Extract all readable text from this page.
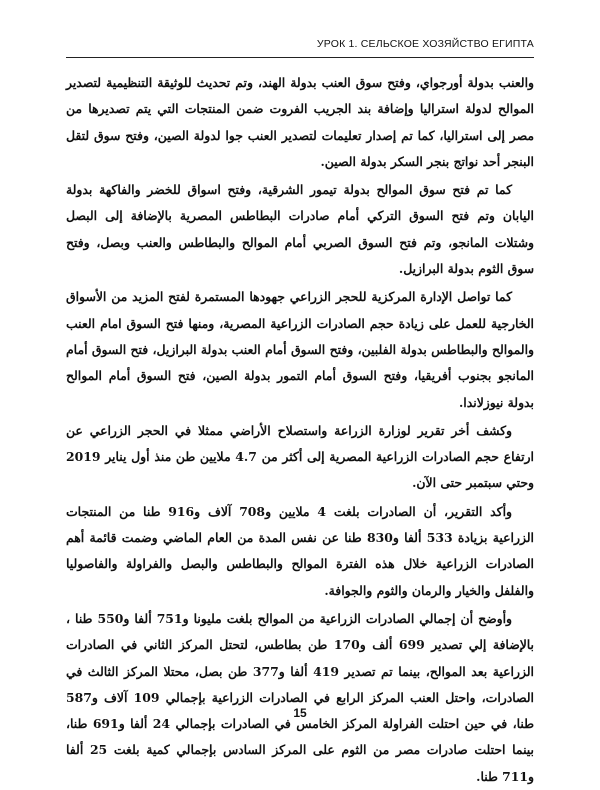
УРОК 1. СЕЛЬСКОЕ ХОЗЯЙСТВО ЕГИПТА

والعنب بدولة أورجواي، وفتح سوق العنب بدولة الهند، وتم تحديث للوثيقة التنظيمية لتصدير الموالح لدولة استراليا وإضافة بند الجريب الفروت ضمن المنتجات التي يتم تصديرها من مصر إلى استراليا، كما تم إصدار تعليمات لتصدير العنب جوا لدولة الصين، وفتح سوق لتقل البنجر أحد نواتج بنجر السكر بدولة الصين.

كما تم فتح سوق الموالح بدولة تيمور الشرقية، وفتح اسواق للخضر والفاكهة بدولة اليابان وتم فتح السوق التركي أمام صادرات البطاطس المصرية بالإضافة إلى البصل وشتلات المانجو، وتم فتح السوق الصربي أمام الموالح والبطاطس والعنب وبصل، وفتح سوق الثوم بدولة البرازيل.

كما تواصل الإدارة المركزية للحجر الزراعي جهودها المستمرة لفتح المزيد من الأسواق الخارجية للعمل على زيادة حجم الصادرات الزراعية المصرية، ومنها فتح السوق امام العنب والموالح والبطاطس بدولة الفلبين، وفتح السوق أمام العنب بدولة البرازيل، فتح السوق أمام المانجو بجنوب أفريقيا، وفتح السوق أمام التمور بدولة الصين، فتح السوق أمام الموالح بدولة نيوزلاندا.

وكشف أخر تقرير لوزارة الزراعة واستصلاح الأراضي ممثلا في الحجر الزراعي عن ارتفاع حجم الصادرات الزراعية المصرية إلى أكثر من 4.7 ملايين طن منذ أول يناير 2019 وحتي سبتمبر حتى الآن.

وأكد التقرير، أن الصادرات بلغت 4 ملايين و708 آلاف و916 طنا من المنتجات الزراعية بزيادة 533 ألفا و830 طنا عن نفس المدة من العام الماضي وضمت قائمة أهم الصادرات الزراعية خلال هذه الفترة الموالح والبطاطس والبصل والفراولة والفاصوليا والفلفل والخيار والرمان والثوم والجوافة.

وأوضح أن إجمالي الصادرات الزراعية من الموالح بلغت مليونا و751 ألفا و550 طنا ، بالإضافة إلي تصدير 699 ألف و170 طن بطاطس، لتحتل المركز الثاني في الصادرات الزراعية بعد الموالح، بينما تم تصدير 419 ألفا و377 طن بصل، محتلا المركز الثالث في الصادرات، واحتل العنب المركز الرابع في الصادرات الزراعية بإجمالي 109 آلاف و587 طنا، في حين احتلت الفراولة المركز الخامس في الصادرات بإجمالي 24 ألفا و691 طنا، بينما احتلت صادرات مصر من الثوم على المركز السادس بإجمالي كمية بلغت 25 ألفا و711 طنا.

15
